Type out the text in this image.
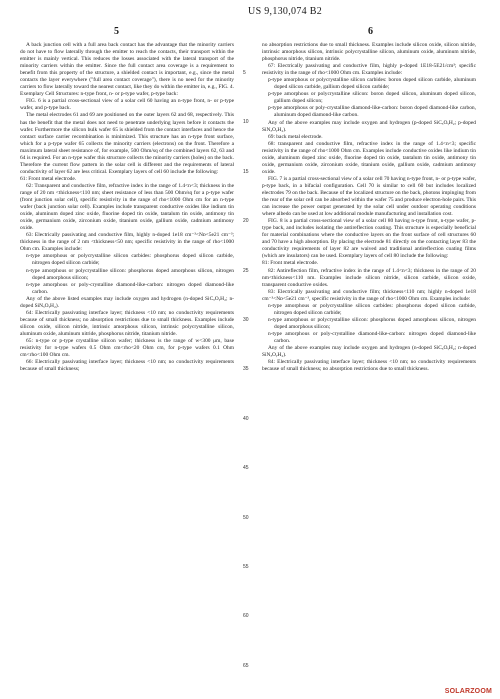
US 9,130,074 B2
5	6

A back junction cell with a full area back contact has the advantage that the minority carriers do not have to flow laterally through the emitter to reach the contacts, their transport within the emitter is mainly vertical. This reduces the losses associated with the lateral transport of the minority carriers within the emitter. Since the full contact area coverage is a requirement to benefit from this property of the structure, a shielded contact is important, e.g., since the metal contacts the layer everywhere ("full area contact coverage"), there is no need for the minority carriers to flow laterally toward the nearest contact, like they do within the emitter in, e.g., FIG. 4. Exemplary Cell Structures: n-type front, n- or p-type wafer, p-type back:

FIG. 6 is a partial cross-sectional view of a solar cell 60 having an n-type front, n- or p-type wafer, and p-type back.

The metal electrodes 61 and 69 are positioned on the outer layers 62 and 68, respectively. This has the benefit that the metal does not need to penetrate underlying layers before it contacts the wafer. Furthermore the silicon bulk wafer 65 is shielded from the contact interfaces and hence the contact surface carrier recombination is minimized. This structure has an n-type front surface, which for a p-type wafer 65 collects the minority carriers (electrons) on the front. Therefore a maximum lateral sheet resistance of, for example, 500 Ohm/sq of the combined layers 62, 63 and 64 is required. For an n-type wafer this structure collects the minority carriers (holes) on the back. Therefore the current flow pattern in the solar cell is different and the requirements of lateral conductivity of layer 62 are less critical. Exemplary layers of cell 60 include the following:

61: Front metal electrode.

62: Transparent and conductive film, refractive index in the range of 1.4<n<3; thickness in the range of 20 nm <thickness<110 nm; sheet resistance of less than 500 Ohm/sq for a p-type wafer (front junction solar cell), specific resistivity in the range of rho<1000 Ohm cm for an n-type wafer (back junction solar cell). Examples include transparent conductive oxides like indium tin oxide, aluminum doped zinc oxide, fluorine doped tin oxide, tantalum tin oxide, antimony tin oxide, germanium oxide, zirconium oxide, titanium oxide, gallium oxide, cadmium antimony oxide.

63: Electrically passivating and conductive film, highly n-doped 1e18 cm⁻³<Nᴅ<5e21 cm⁻³; thickness in the range of 2 nm <thickness<50 nm; specific resistivity in the range of rho<1000 Ohm cm. Examples include:

n-type amorphous or polycrystalline silicon carbides: phosphorus doped silicon carbide, nitrogen doped silicon carbide;

n-type amorphous or polycrystalline silicon: phosphorus doped amorphous silicon, nitrogen doped amorphous silicon;

n-type amorphous or poly-crystalline diamond-like-carbon: nitrogen doped diamond-like carbon.

Any of the above listed examples may include oxygen and hydrogen (n-doped SiCₓOᵧH₂; n-doped SiNₓOᵧH₂).

64: Electrically passivating interface layer; thickness <10 nm; no conductivity requirements because of small thickness; no absorption restrictions due to small thickness. Examples include silicon oxide, silicon nitride, intrinsic amorphous silicon, intrinsic polycrystalline silicon, aluminum oxide, aluminum nitride, phosphorus nitride, titanium nitride.

65: n-type or p-type crystalline silicon wafer; thickness is the range of w<300 μm, base resistivity for n-type wafers 0.5 Ohm cm<rho<20 Ohm cm, for p-type wafers 0.1 Ohm cm<rho<100 Ohm cm.

66: Electrically passivating interface layer; thickness <10 nm; no conductivity requirements because of small thickness;

5
10
15
20
25
30
35
40
45
50
55
60
65

no absorption restrictions due to small thickness. Examples include silicon oxide, silicon nitride, intrinsic amorphous silicon, intrinsic polycrystalline silicon, aluminum oxide, aluminum nitride, phosphorus nitride, titanium nitride.

67: Electrically passivating and conductive film, highly p-doped 1E18-5E21/cm³; specific resistivity in the range of rho<1000 Ohm cm. Examples include:

p-type amorphous or polycrystalline silicon carbides: boron doped silicon carbide, aluminum doped silicon carbide, gallium doped silicon carbide;

p-type amorphous or polycrystalline silicon: boron doped silicon, aluminum doped silicon, gallium doped silicon;

p-type amorphous or poly-crystalline diamond-like-carbon: boron doped diamond-like carbon, aluminum doped diamond-like carbon.

Any of the above examples may include oxygen and hydrogen (p-doped SiCₓOᵧH₂; p-doped SiNₓOᵧH₂).

69: back metal electrode.

68: transparent and conductive film, refractive index in the range of 1.4<n<3; specific resistivity in the range of rho<1000 Ohm cm. Examples include conductive oxides like indium tin oxide, aluminum doped zinc oxide, fluorine doped tin oxide, tantalum tin oxide, antimony tin oxide, germanium oxide, zirconium oxide, titanium oxide, gallium oxide, cadmium antimony oxide.

FIG. 7 is a partial cross-sectional view of a solar cell 70 having n-type front, n- or p-type wafer, p-type back, in a bifacial configuration. Cell 70 is similar to cell 60 but includes localized electrodes 79 on the back. Because of the localized structure on the back, photons impinging from the rear of the solar cell can be absorbed within the wafer 75 and produce electron-hole pairs. This can increase the power output generated by the solar cell under outdoor operating conditions where albedo can be used at low additional module manufacturing and installation cost.

FIG. 8 is a partial cross-sectional view of a solar cell 80 having n-type front, n-type wafer, p-type back, and includes isolating the antireflection coating. This structure is especially beneficial for material combinations where the conductive layers on the front surface of cell structures 60 and 70 have a high absorption. By placing the electrode 81 directly on the contacting layer 83 the conductivity requirements of layer 82 are waived and traditional antireflection coating films (which are insulators) can be used. Exemplary layers of cell 80 include the following:

81: Front metal electrode.

82: Antireflection film, refractive index in the range of 1.4<n<3; thickness in the range of 20 nm<thickness<110 nm. Examples include silicon nitride, silicon carbide, silicon oxide, transparent conductive oxides.

83: Electrically passivating and conductive film; thickness<110 nm; highly n-doped 1e18 cm⁻³<Nᴅ<5e21 cm⁻³, specific resistivity in the range of rho<1000 Ohm cm. Examples include:

n-type amorphous or polycrystalline silicon carbides: phosphorus doped silicon carbide, nitrogen doped silicon carbide;

n-type amorphous or polycrystalline silicon: phosphorus doped amorphous silicon, nitrogen doped amorphous silicon;

n-type amorphous or poly-crystalline diamond-like-carbon: nitrogen doped diamond-like carbon.

Any of the above examples may include oxygen and hydrogen (n-doped SiCₓOᵧH₂; n-doped SiNₓOᵧH₂).

84: Electrically passivating interface layer; thickness <10 nm; no conductivity requirements because of small thickness; no absorption restrictions due to small thickness.

SOLARZOOM
